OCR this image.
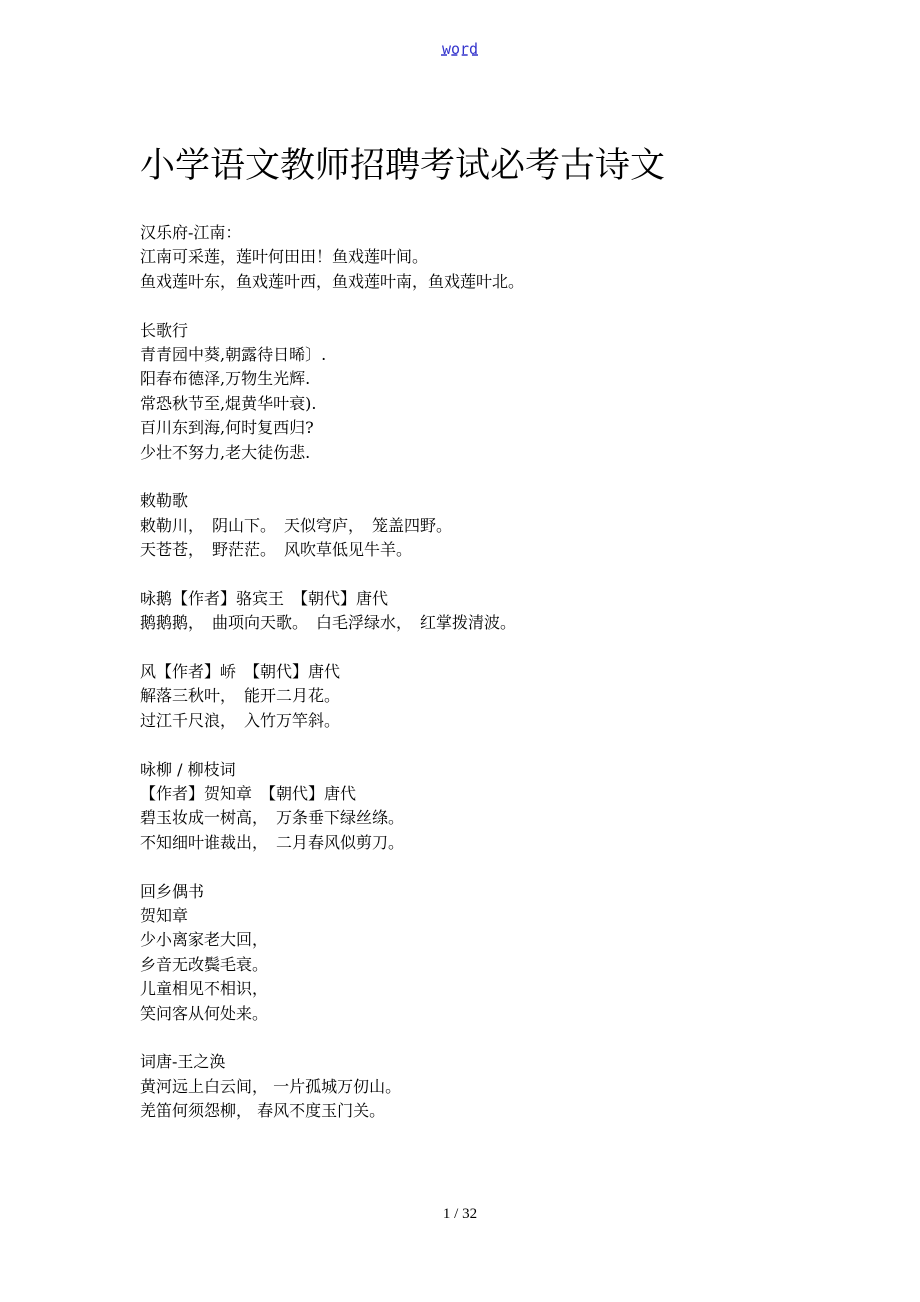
word
小学语文教师招聘考试必考古诗文
汉乐府-江南：
江南可采莲，莲叶何田田！鱼戏莲叶间。
鱼戏莲叶东，鱼戏莲叶西，鱼戏莲叶南，鱼戏莲叶北。
长歌行
青青园中葵,朝露待日晞〕.
阳春布德泽,万物生光辉.
常恐秋节至,焜黄华叶衰).
百川东到海,何时复西归?
少壮不努力,老大徒伤悲.
敕勒歌
敕勒川，　阴山下。　天似穹庐，　笼盖四野。
天苍苍，　野茫茫。　风吹草低见牛羊。
咏鹅【作者】骆宾王　【朝代】唐代
鹅鹅鹅，　曲项向天歌。　白毛浮绿水，　红掌拨清波。
风【作者】峤　【朝代】唐代
解落三秋叶，　能开二月花。
过江千尺浪，　入竹万竿斜。
咏柳 / 柳枝词
【作者】贺知章　【朝代】唐代
碧玉妆成一树高，　万条垂下绿丝绦。
不知细叶谁裁出，　二月春风似剪刀。
回乡偶书
贺知章
少小离家老大回，
乡音无改鬓毛衰。
儿童相见不相识，
笑问客从何处来。
词唐-王之涣
黄河远上白云间， 一片孤城万仞山。
羌笛何须怨柳， 春风不度玉门关。
1 / 32
